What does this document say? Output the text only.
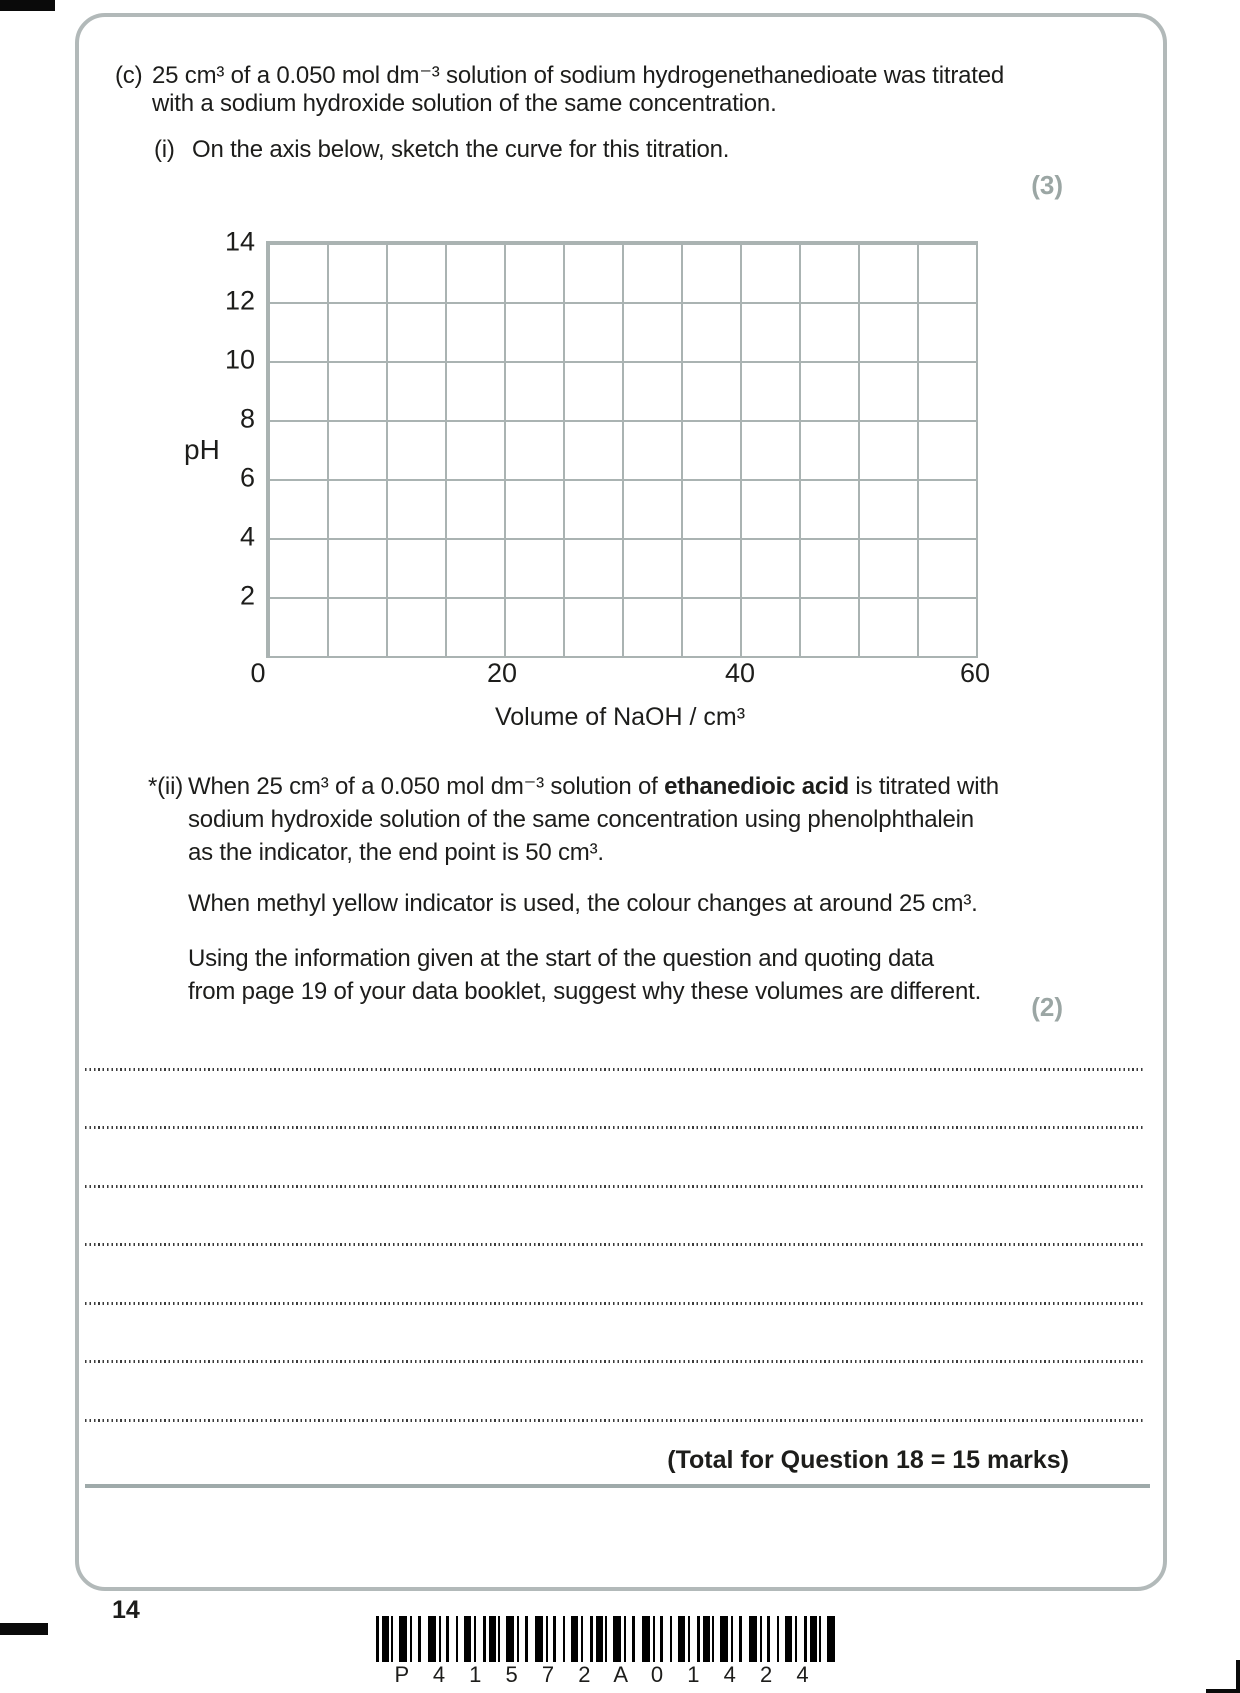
(c) 25 cm³ of a 0.050 mol dm⁻³ solution of sodium hydrogenethanedioate was titrated
with a sodium hydroxide solution of the same concentration.
(i) On the axis below, sketch the curve for this titration.
(3)
14
12
10
8
6
4
2
pH
0	20	40	60
Volume of NaOH / cm³
*(ii) When 25 cm³ of a 0.050 mol dm⁻³ solution of ethanedioic acid is titrated with
sodium hydroxide solution of the same concentration using phenolphthalein
as the indicator, the end point is 50 cm³.
When methyl yellow indicator is used, the colour changes at around 25 cm³.
Using the information given at the start of the question and quoting data
from page 19 of your data booklet, suggest why these volumes are different.
(2)
(Total for Question 18 = 15 marks)
14
P 4 1 5 7 2 A 0 1 4 2 4
